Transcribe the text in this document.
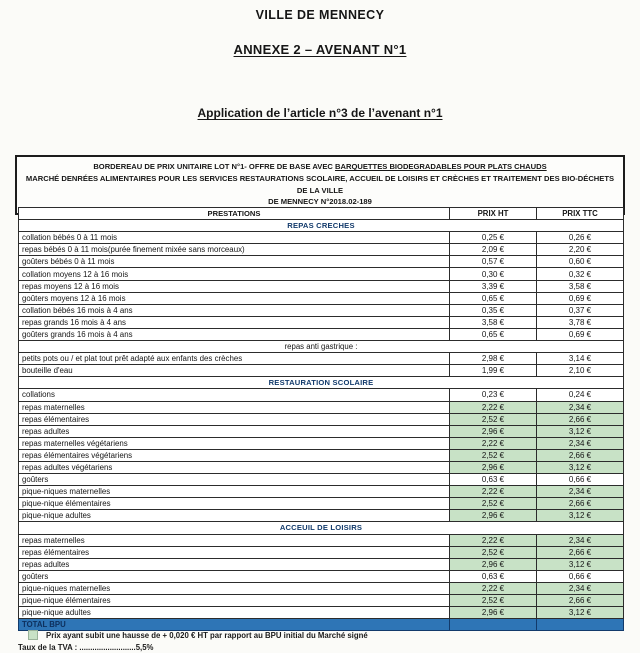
VILLE DE MENNECY
ANNEXE 2 – AVENANT N°1
Application de l’article n°3 de l’avenant n°1
BORDEREAU DE PRIX UNITAIRE LOT N°1- OFFRE DE BASE AVEC BARQUETTES BIODEGRADABLES POUR PLATS CHAUDS
MARCHÉ DENRÉES ALIMENTAIRES POUR LES SERVICES RESTAURATIONS SCOLAIRE, ACCUEIL DE LOISIRS ET CRÈCHES ET TRAITEMENT DES BIO-DÉCHETS DE LA VILLE
DE MENNECY N°2018.02-189
PRESTATIONS	PRIX HT	PRIX TTC
REPAS CRECHES		
collation bébés 0 à 11 mois	0,25 €	0,26 €
repas bébés 0 à 11 mois(purée finement mixée sans morceaux)	2,09 €	2,20 €
goûters bébés 0 à 11 mois	0,57 €	0,60 €
collation moyens 12 à 16 mois	0,30 €	0,32 €
repas moyens 12 à 16 mois	3,39 €	3,58 €
goûters moyens 12 à 16 mois	0,65 €	0,69 €
collation bébés 16 mois à 4 ans	0,35 €	0,37 €
repas grands 16 mois à 4 ans	3,58 €	3,78 €
goûters grands 16 mois à 4 ans	0,65 €	0,69 €
repas anti gastrique :		
petits pots ou / et plat tout prêt adapté aux enfants des crèches	2,98 €	3,14 €
bouteille d'eau	1,99 €	2,10 €
RESTAURATION SCOLAIRE		
collations	0,23 €	0,24 €
repas maternelles	2,22 €	2,34 €
repas élémentaires	2,52 €	2,66 €
repas adultes	2,96 €	3,12 €
repas maternelles végétariens	2,22 €	2,34 €
repas élémentaires végétariens	2,52 €	2,66 €
repas adultes végétariens	2,96 €	3,12 €
goûters	0,63 €	0,66 €
pique-niques maternelles	2,22 €	2,34 €
pique-nique élémentaires	2,52 €	2,66 €
pique-nique adultes	2,96 €	3,12 €
ACCEUIL DE LOISIRS		
repas maternelles	2,22 €	2,34 €
repas élémentaires	2,52 €	2,66 €
repas adultes	2,96 €	3,12 €
goûters	0,63 €	0,66 €
pique-niques maternelles	2,22 €	2,34 €
pique-nique élémentaires	2,52 €	2,66 €
pique-nique adultes	2,96 €	3,12 €
TOTAL BPU		
Prix ayant subit une hausse de + 0,020 € HT par rapport au BPU initial du Marché signé
Taux de la TVA : ..........................5,5%
